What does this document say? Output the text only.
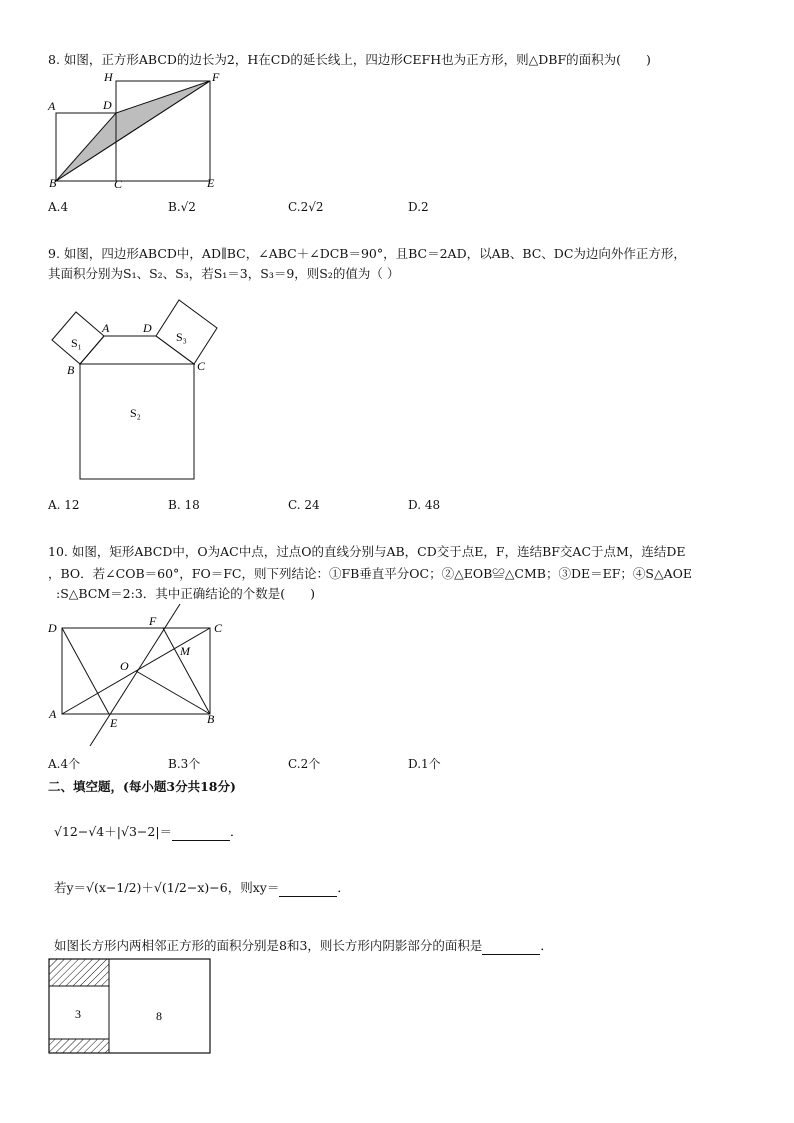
8. 如图，正方形ABCD的边长为2，H在CD的延长线上，四边形CEFH也为正方形，则△DBF的面积为(　　)
H	F
A	D
B	C	E
A.4	B.√2	C.2√2	D.2
9. 如图，四边形ABCD中，AD∥BC，∠ABC＋∠DCB＝90°，且BC＝2AD，以AB、BC、DC为边向外作正方形，
其面积分别为S₁、S₂、S₃，若S₁＝3，S₃＝9，则S₂的值为（ ）
A	D
B	C
S₁	S₃
S₂
A. 12	B. 18	C. 24	D. 48
10. 如图，矩形ABCD中，O为AC中点，过点O的直线分别与AB，CD交于点E，F，连结BF交AC于点M，连结DE
，BO．若∠COB＝60°，FO＝FC，则下列结论：①FB垂直平分OC；②△EOB≌△CMB；③DE＝EF；④S△AOE
:S△BCM＝2:3．其中正确结论的个数是(　　)
D	F	C
M
O
A
E	B
A.4个	B.3个	C.2个	D.1个
二、填空题，(每小题3分共18分)
√12−√4＋|√3−2|＝	．
若y＝√(x−1/2)＋√(1/2−x)−6，则xy＝	．
如图长方形内两相邻正方形的面积分别是8和3，则长方形内阴影部分的面积是	．
3	8
